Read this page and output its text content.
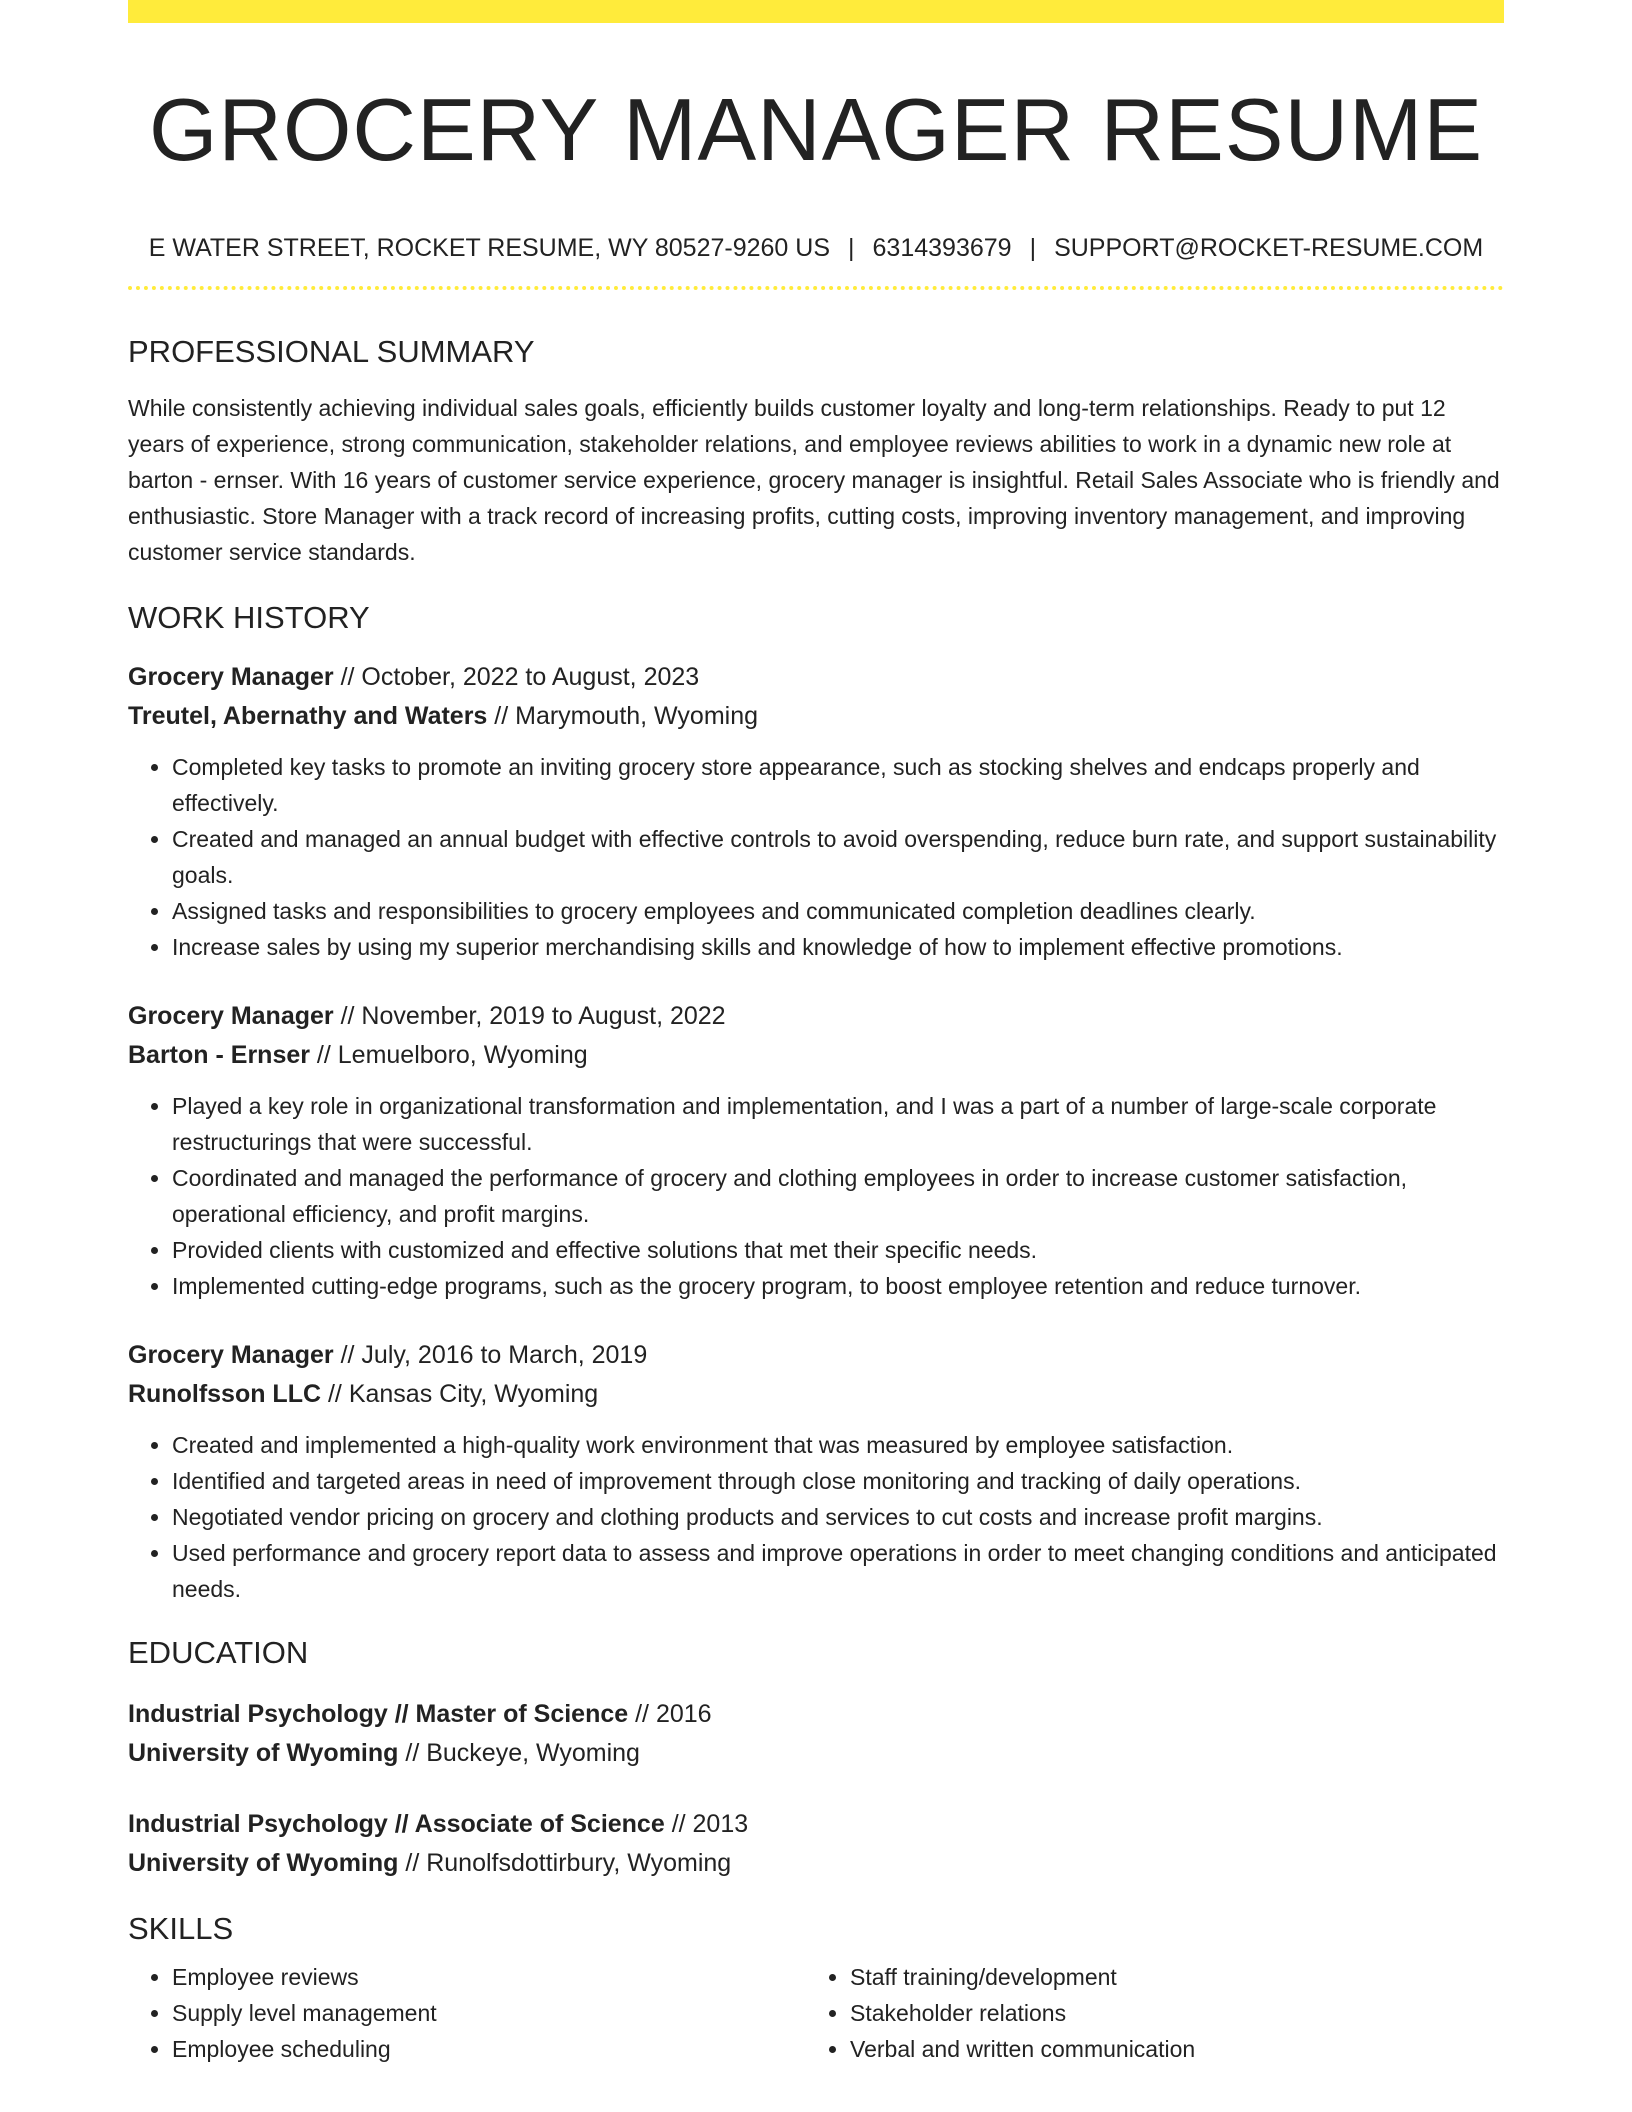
GROCERY MANAGER RESUME
E WATER STREET, ROCKET RESUME, WY 80527-9260 US | 6314393679 | SUPPORT@ROCKET-RESUME.COM
PROFESSIONAL SUMMARY

While consistently achieving individual sales goals, efficiently builds customer loyalty and long-term relationships. Ready to put 12 years of experience, strong communication, stakeholder relations, and employee reviews abilities to work in a dynamic new role at barton - ernser. With 16 years of customer service experience, grocery manager is insightful. Retail Sales Associate who is friendly and enthusiastic. Store Manager with a track record of increasing profits, cutting costs, improving inventory management, and improving customer service standards.

WORK HISTORY
Grocery Manager // October, 2022 to August, 2023
Treutel, Abernathy and Waters // Marymouth, Wyoming
• Completed key tasks to promote an inviting grocery store appearance, such as stocking shelves and endcaps properly and effectively.
• Created and managed an annual budget with effective controls to avoid overspending, reduce burn rate, and support sustainability goals.
• Assigned tasks and responsibilities to grocery employees and communicated completion deadlines clearly.
• Increase sales by using my superior merchandising skills and knowledge of how to implement effective promotions.
Grocery Manager // November, 2019 to August, 2022
Barton - Ernser // Lemuelboro, Wyoming
• Played a key role in organizational transformation and implementation, and I was a part of a number of large-scale corporate restructurings that were successful.
• Coordinated and managed the performance of grocery and clothing employees in order to increase customer satisfaction, operational efficiency, and profit margins.
• Provided clients with customized and effective solutions that met their specific needs.
• Implemented cutting-edge programs, such as the grocery program, to boost employee retention and reduce turnover.
Grocery Manager // July, 2016 to March, 2019
Runolfsson LLC // Kansas City, Wyoming
• Created and implemented a high-quality work environment that was measured by employee satisfaction.
• Identified and targeted areas in need of improvement through close monitoring and tracking of daily operations.
• Negotiated vendor pricing on grocery and clothing products and services to cut costs and increase profit margins.
• Used performance and grocery report data to assess and improve operations in order to meet changing conditions and anticipated needs.
EDUCATION
Industrial Psychology // Master of Science // 2016
University of Wyoming // Buckeye, Wyoming
Industrial Psychology // Associate of Science // 2013
University of Wyoming // Runolfsdottirbury, Wyoming
SKILLS
• Employee reviews
• Supply level management
• Employee scheduling
• Staff training/development
• Stakeholder relations
• Verbal and written communication
